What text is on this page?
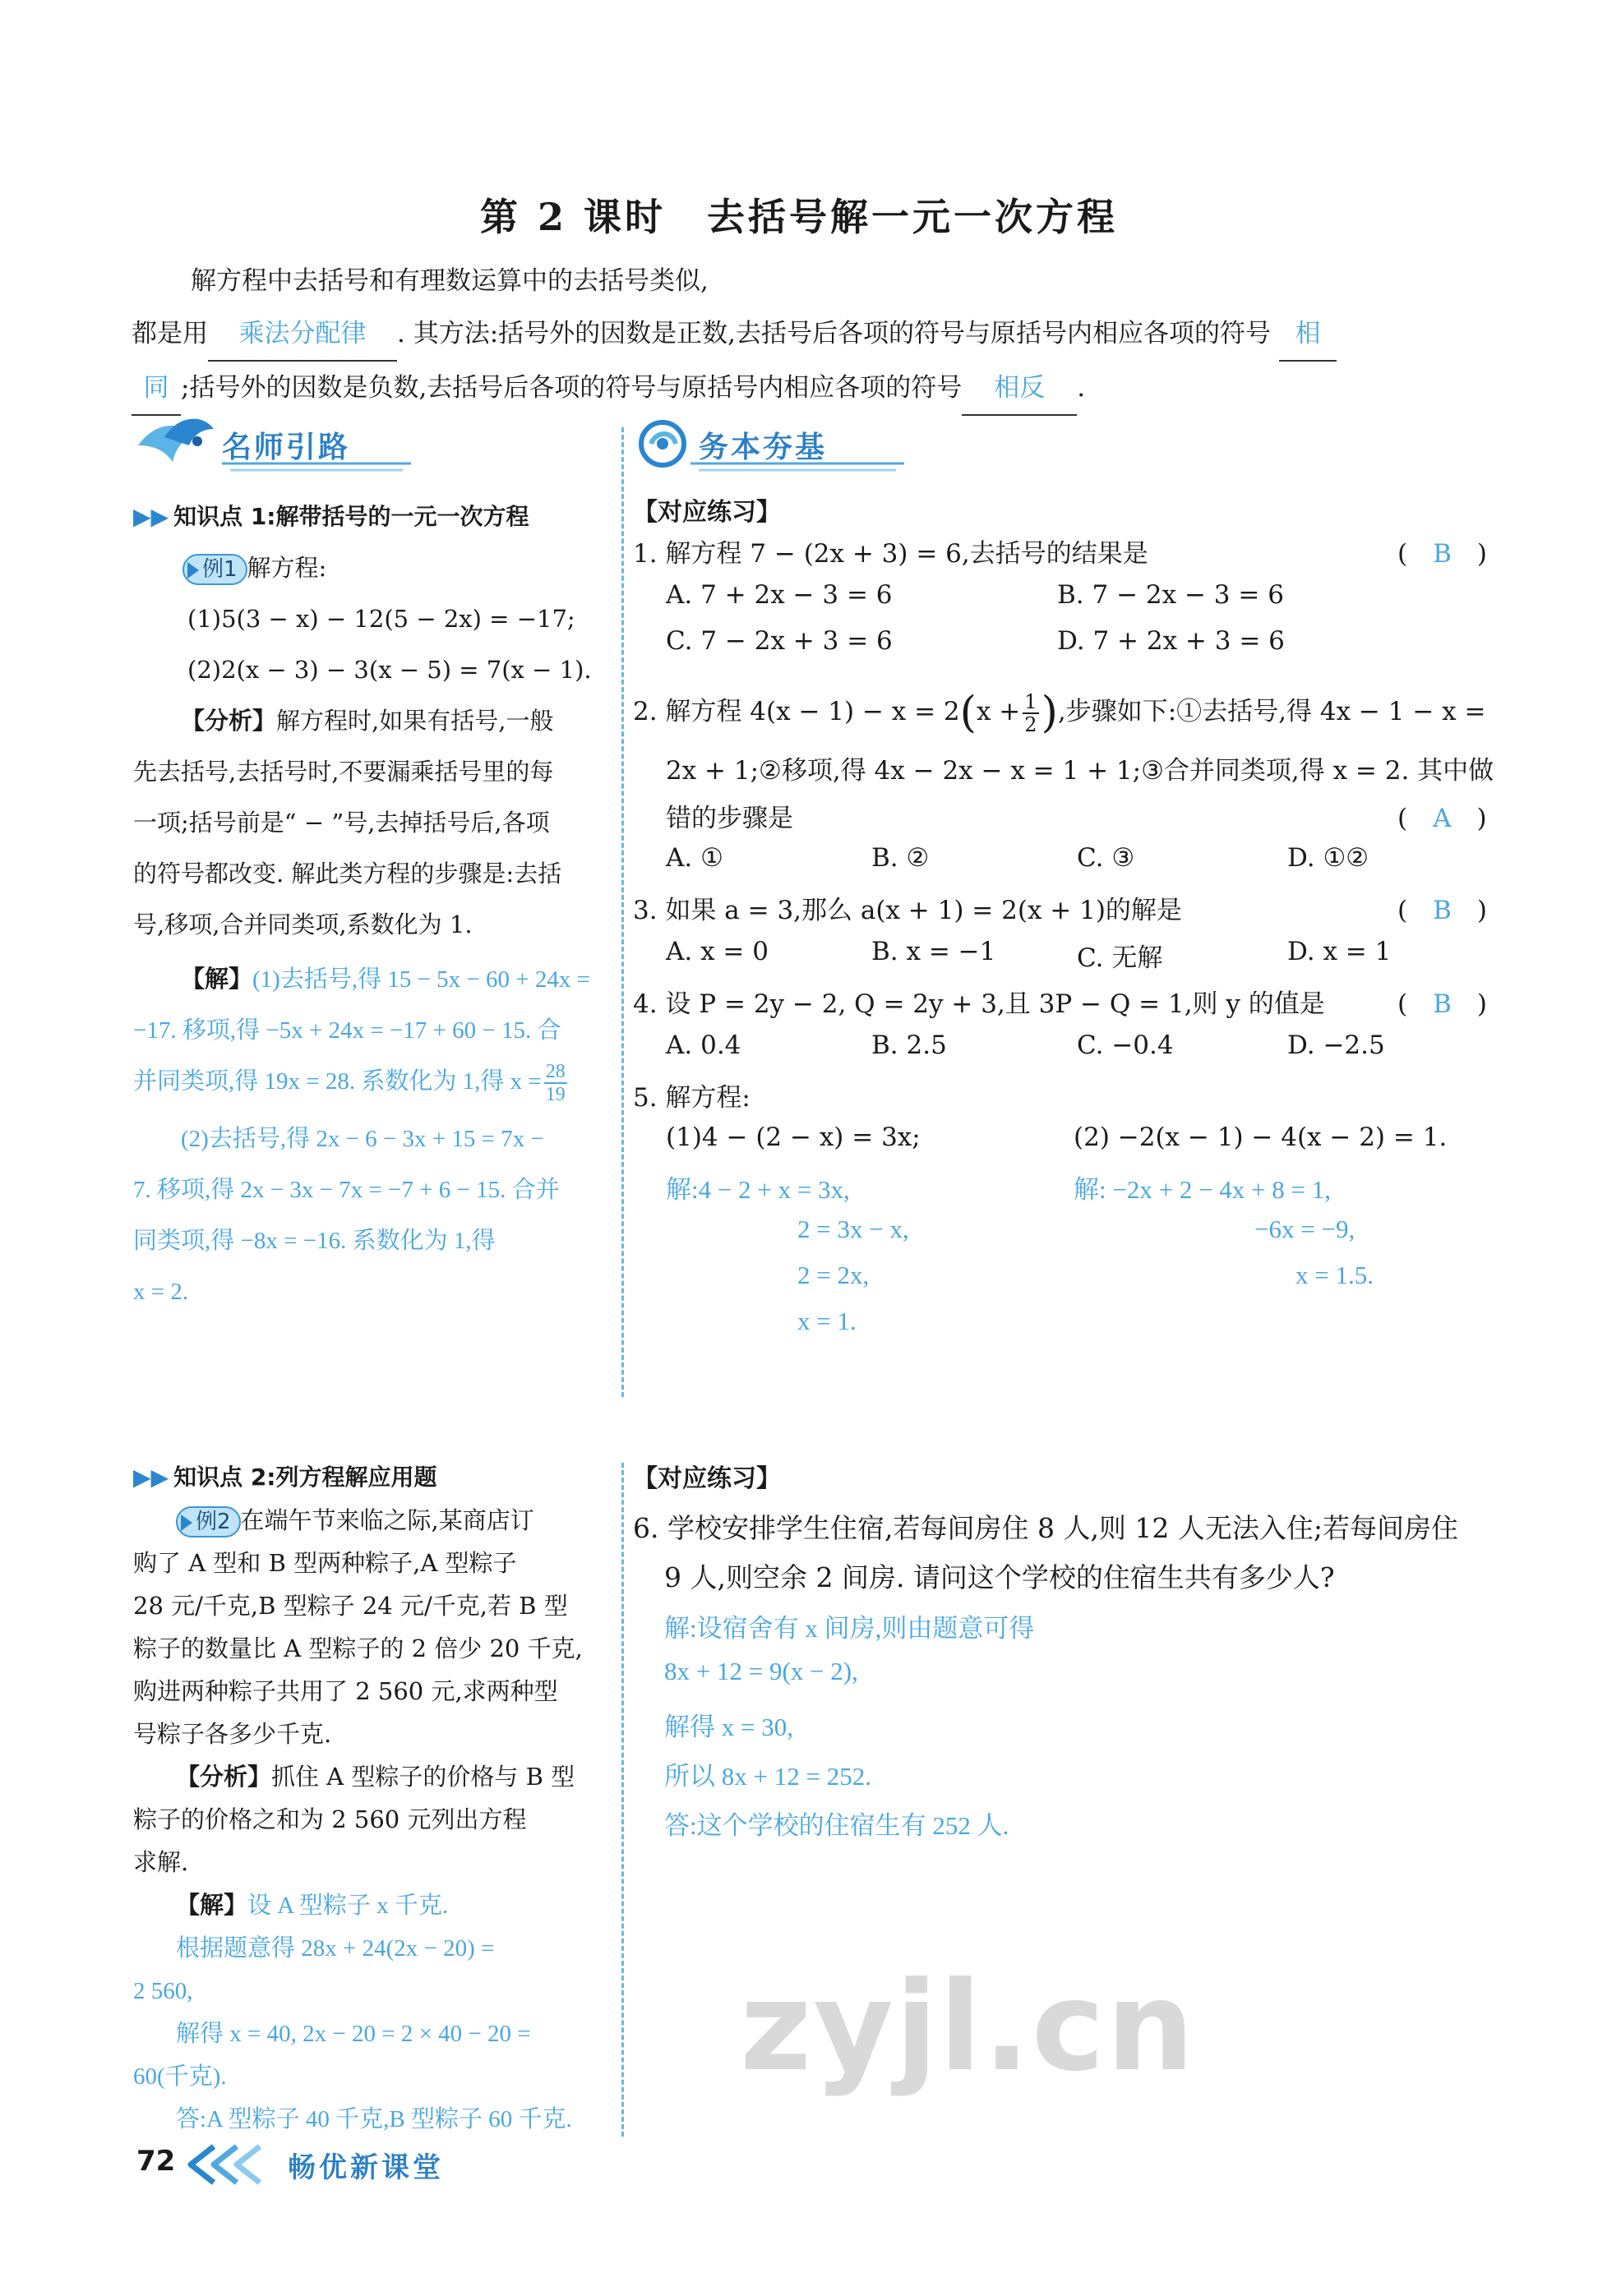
第 2 课时　去括号解一元一次方程
解方程中去括号和有理数运算中的去括号类似,
都是用 乘法分配律 . 其方法:括号外的因数是正数,去括号后各项的符号与原括号内相应各项的符号 相
同 ;括号外的因数是负数,去括号后各项的符号与原括号内相应各项的符号 相反 .
名师引路	务本夯基
▶▶ 知识点 1:解带括号的一元一次方程
例1 解方程:
(1)5(3 − x) − 12(5 − 2x) = −17;
(2)2(x − 3) − 3(x − 5) = 7(x − 1).
【分析】解方程时,如果有括号,一般
先去括号,去括号时,不要漏乘括号里的每
一项;括号前是“ − ”号,去掉括号后,各项
的符号都改变. 解此类方程的步骤是:去括
号,移项,合并同类项,系数化为 1.
【解】(1)去括号,得 15 − 5x − 60 + 24x =
−17. 移项,得 −5x + 24x = −17 + 60 − 15. 合
并同类项,得 19x = 28. 系数化为 1,得 $x = \frac{28}{19}$
(2)去括号,得 2x − 6 − 3x + 15 = 7x −
7. 移项,得 2x − 3x − 7x = −7 + 6 − 15. 合并
同类项,得 −8x = −16. 系数化为 1,得
x = 2.
▶▶ 知识点 2:列方程解应用题
例2 在端午节来临之际,某商店订
购了 A 型和 B 型两种粽子,A 型粽子
28 元/千克,B 型粽子 24 元/千克,若 B 型
粽子的数量比 A 型粽子的 2 倍少 20 千克,
购进两种粽子共用了 2 560 元,求两种型
号粽子各多少千克.
【分析】抓住 A 型粽子的价格与 B 型
粽子的价格之和为 2 560 元列出方程
求解.
【解】设 A 型粽子 x 千克.
根据题意得 28x + 24(2x − 20) =
2 560,
解得 x = 40, 2x − 20 = 2 × 40 − 20 =
60(千克).
答:A 型粽子 40 千克,B 型粽子 60 千克.
【对应练习】
1. 解方程 7 − (2x + 3) = 6,去括号的结果是	(　B　)
A. 7 + 2x − 3 = 6	B. 7 − 2x − 3 = 6
C. 7 − 2x + 3 = 6	D. 7 + 2x + 3 = 6
2. 解方程 $4(x - 1) - x = 2(x + \frac{1}{2}$ ),步骤如下:①去括号,得 4x − 1 − x =
2x + 1;②移项,得 4x − 2x − x = 1 + 1;③合并同类项,得 x = 2. 其中做
错的步骤是	(　A　)
A. ①	B. ②	C. ③	D. ①②
3. 如果 a = 3,那么 a(x + 1) = 2(x + 1)的解是	(　B　)
A. x = 0	B. x = −1	C. 无解	D. x = 1
4. 设 P = 2y − 2, Q = 2y + 3,且 3P − Q = 1,则 y 的值是	(　B　)
A. 0.4	B. 2.5	C. −0.4	D. −2.5
5. 解方程:
(1)4 − (2 − x) = 3x;	(2) −2(x − 1) − 4(x − 2) = 1.
解:4 − 2 + x = 3x,
2 = 3x − x,
2 = 2x,
x = 1.
解: −2x + 2 − 4x + 8 = 1,
−6x = −9,
x = 1.5.
【对应练习】
6. 学校安排学生住宿,若每间房住 8 人,则 12 人无法入住;若每间房住
9 人,则空余 2 间房. 请问这个学校的住宿生共有多少人?
解:设宿舍有 x 间房,则由题意可得
8x + 12 = 9(x − 2),
解得 x = 30,
所以 8x + 12 = 252.
答:这个学校的住宿生有 252 人.
zyjl.cn
72	畅优新课堂
